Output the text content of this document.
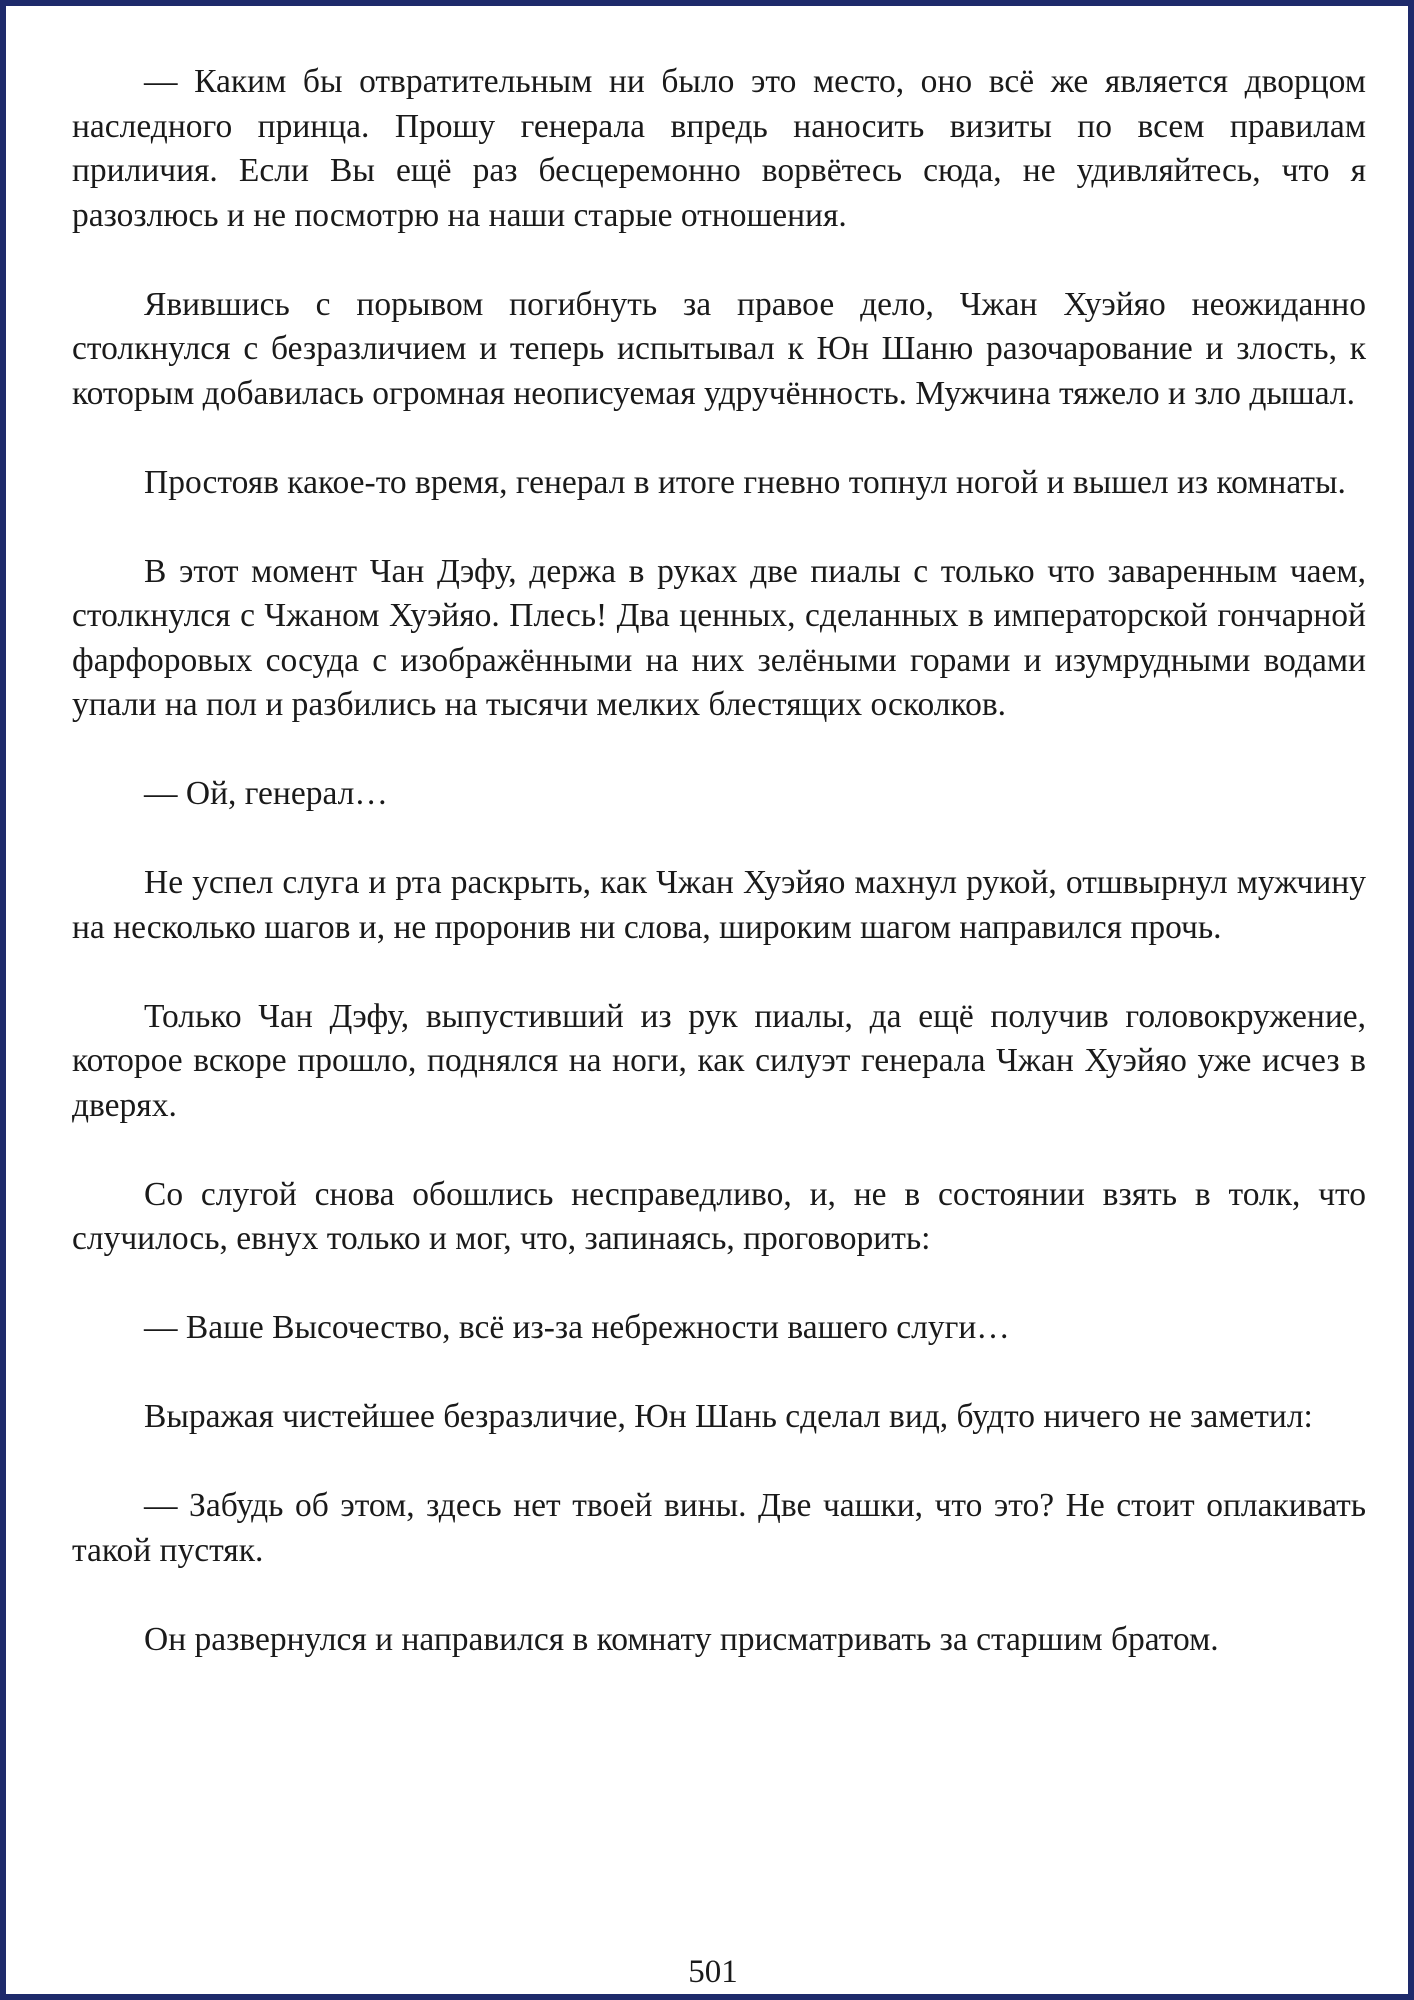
— Каким бы отвратительным ни было это место, оно всё же является дворцом наследного принца. Прошу генерала впредь наносить визиты по всем правилам приличия. Если Вы ещё раз бесцеремонно ворвётесь сюда, не удивляйтесь, что я разозлюсь и не посмотрю на наши старые отношения.

Явившись с порывом погибнуть за правое дело, Чжан Хуэйяо неожиданно столкнулся с безразличием и теперь испытывал к Юн Шаню разочарование и злость, к которым добавилась огромная неописуемая удручённость. Мужчина тяжело и зло дышал.

Простояв какое-то время, генерал в итоге гневно топнул ногой и вышел из комнаты.

В этот момент Чан Дэфу, держа в руках две пиалы с только что заваренным чаем, столкнулся с Чжаном Хуэйяо. Плесь! Два ценных, сделанных в императорской гончарной фарфоровых сосуда с изображёнными на них зелёными горами и изумрудными водами упали на пол и разбились на тысячи мелких блестящих осколков.

— Ой, генерал…

Не успел слуга и рта раскрыть, как Чжан Хуэйяо махнул рукой, отшвырнул мужчину на несколько шагов и, не проронив ни слова, широким шагом направился прочь.

Только Чан Дэфу, выпустивший из рук пиалы, да ещё получив головокружение, которое вскоре прошло, поднялся на ноги, как силуэт генерала Чжан Хуэйяо уже исчез в дверях.

Со слугой снова обошлись несправедливо, и, не в состоянии взять в толк, что случилось, евнух только и мог, что, запинаясь, проговорить:

— Ваше Высочество, всё из-за небрежности вашего слуги…

Выражая чистейшее безразличие, Юн Шань сделал вид, будто ничего не заметил:

— Забудь об этом, здесь нет твоей вины. Две чашки, что это? Не стоит оплакивать такой пустяк.

Он развернулся и направился в комнату присматривать за старшим братом.

501
